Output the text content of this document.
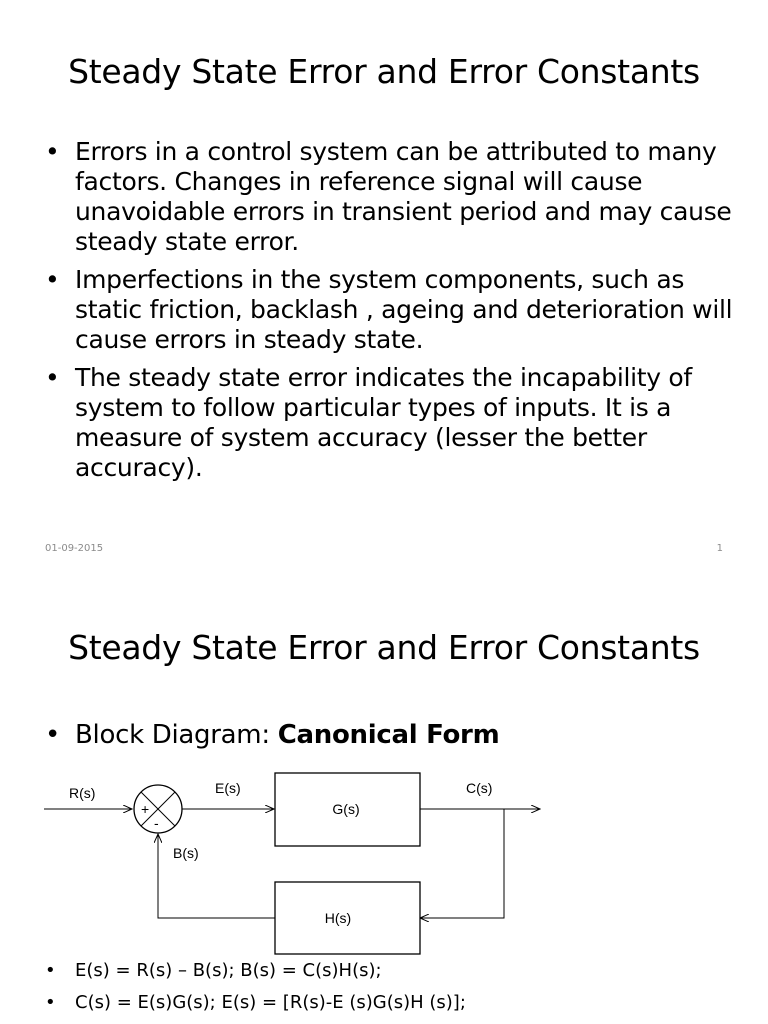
Steady State Error and Error Constants
• Errors in a control system can be attributed to many factors. Changes in reference signal will cause unavoidable errors in transient period and may cause steady state error.
• Imperfections in the system components, such as static friction, backlash , ageing and deterioration will cause errors in steady state.
• The steady state error indicates the incapability of system to follow particular types of inputs. It is a measure of system accuracy (lesser the better accuracy).
01-09-2015	1
Steady State Error and Error Constants
• Block Diagram: Canonical Form
+
-
G(s)
H(s)
R(s)	E(s)	C(s)
B(s)
• E(s) = R(s) – B(s); B(s) = C(s)H(s);
• C(s) = E(s)G(s); E(s) = [R(s)-E (s)G(s)H (s)];
